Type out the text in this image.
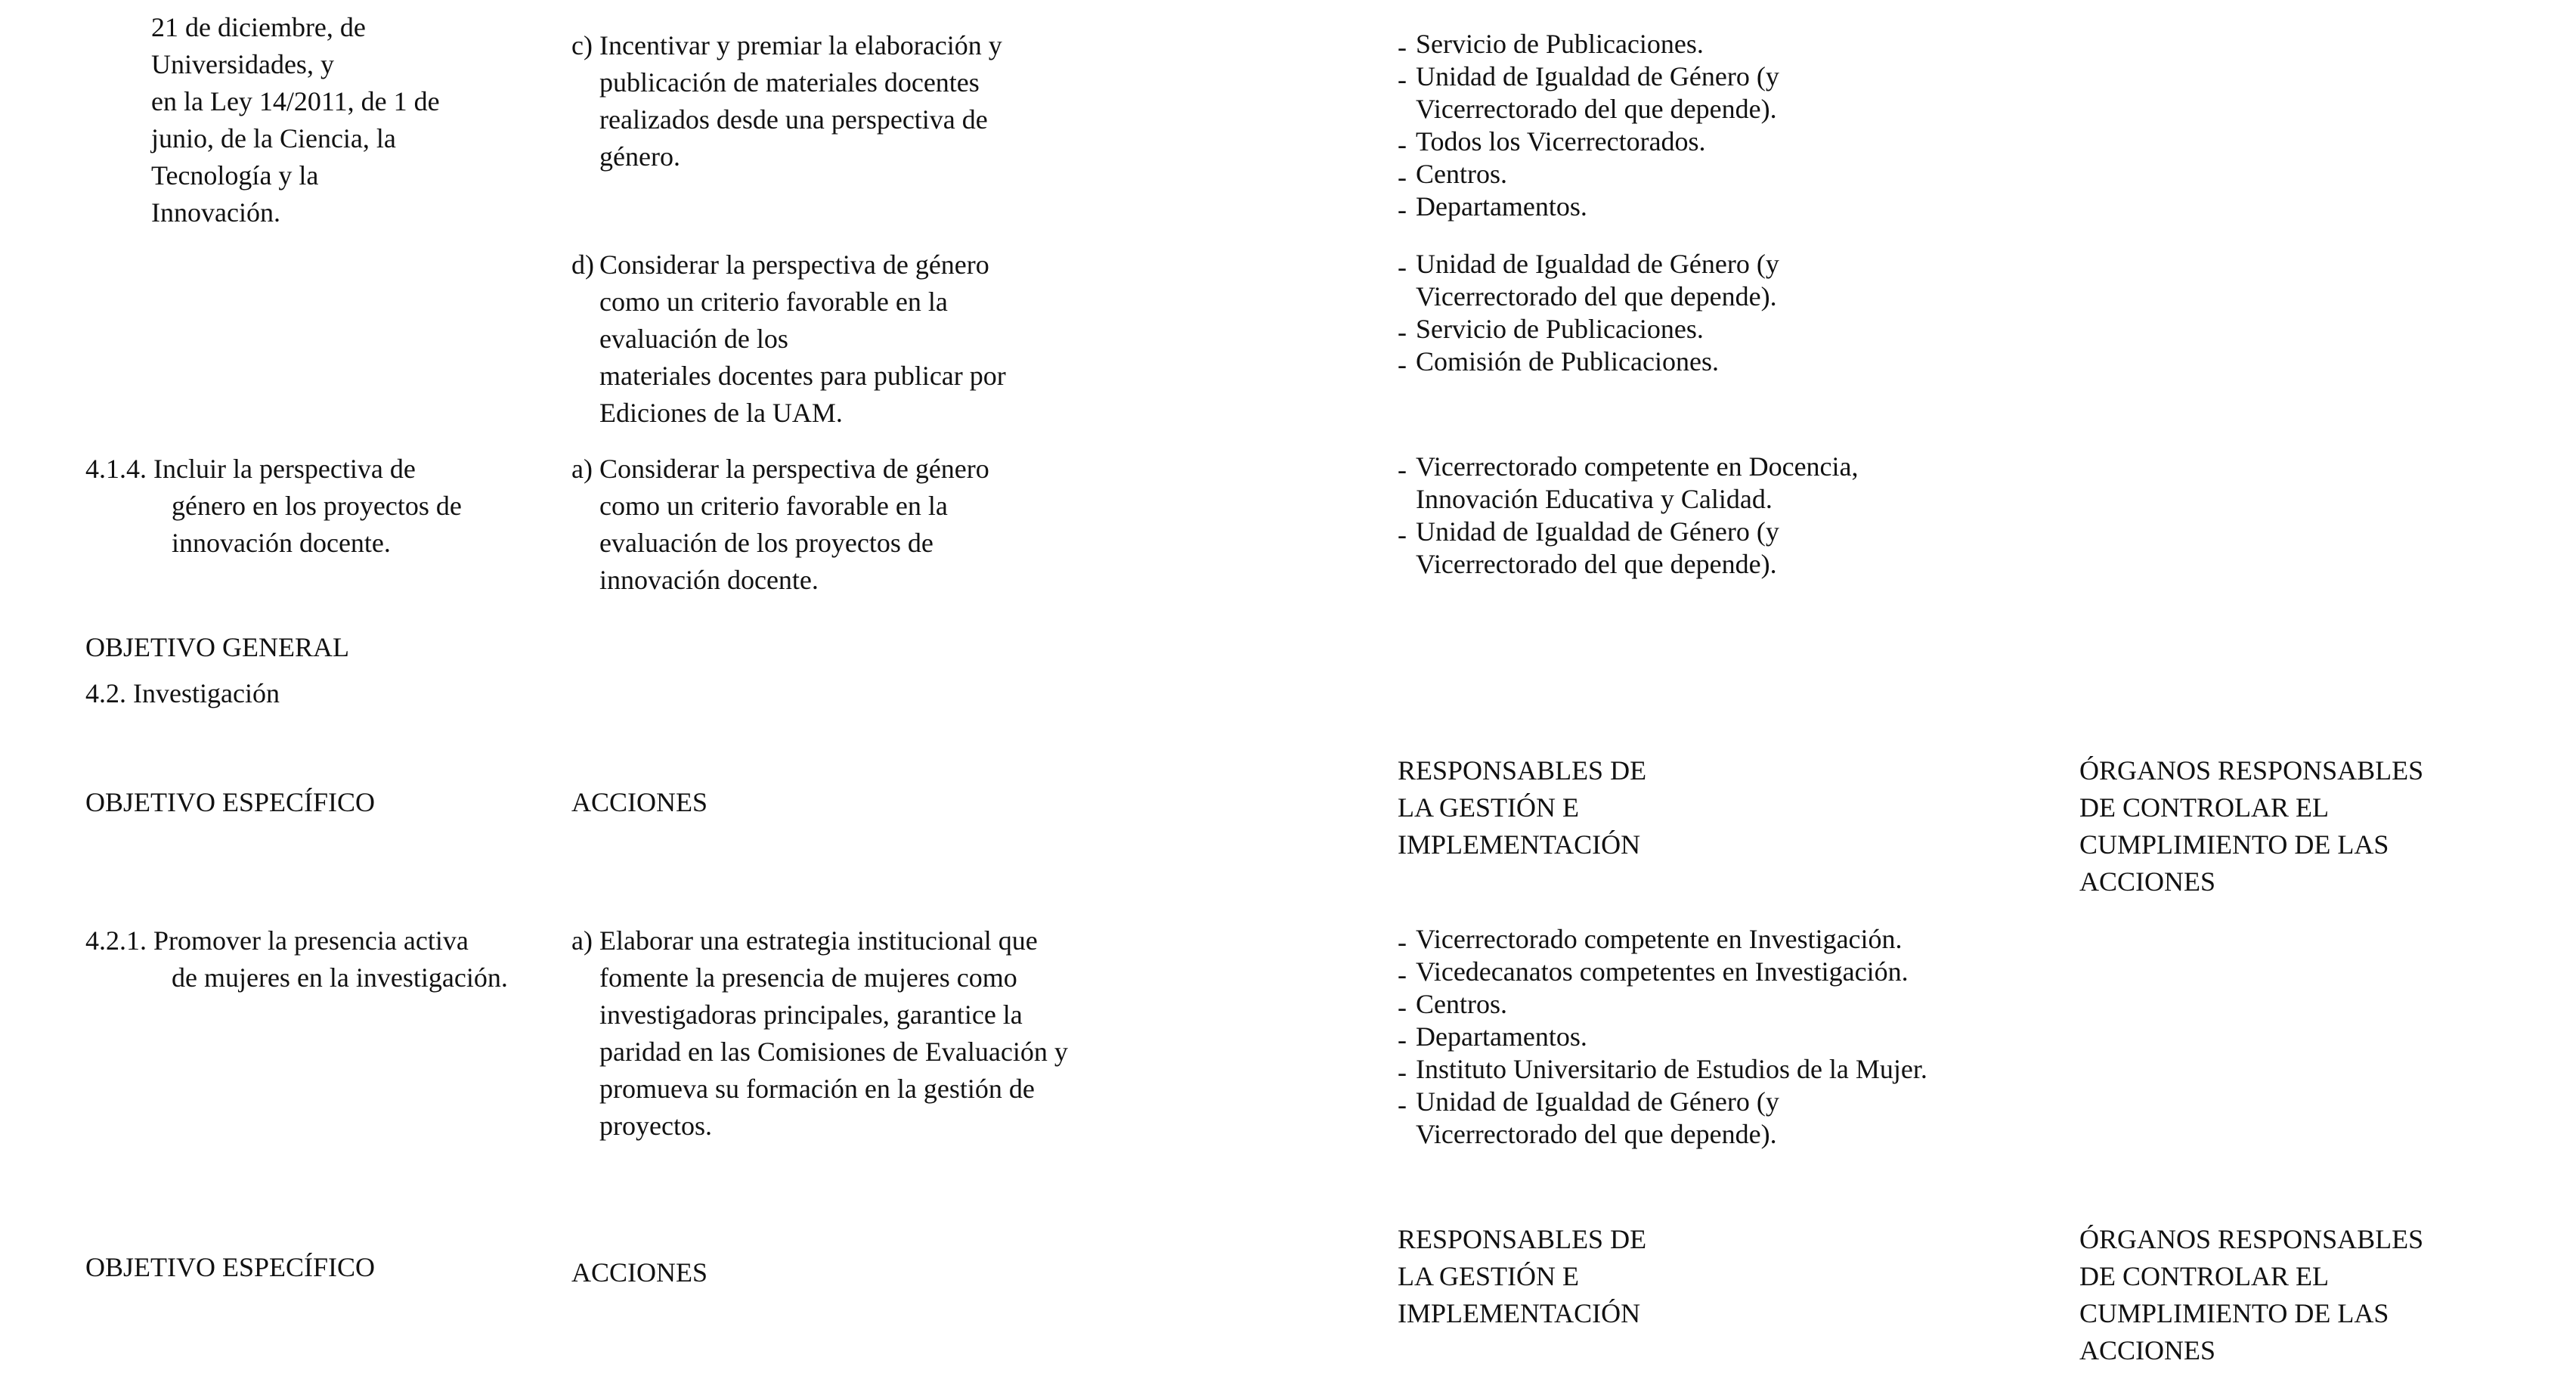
21 de diciembre, de
Universidades, y
en la Ley 14/2011, de 1 de
junio, de la Ciencia, la
Tecnología y la
Innovación.
c) Incentivar y premiar la elaboración y
publicación de materiales docentes
realizados desde una perspectiva de
género.
- Servicio de Publicaciones.
- Unidad de Igualdad de Género (y
Vicerrectorado del que depende).
- Todos los Vicerrectorados.
- Centros.
- Departamentos.
d) Considerar la perspectiva de género
como un criterio favorable en la
evaluación de los
materiales docentes para publicar por
Ediciones de la UAM.
- Unidad de Igualdad de Género (y
Vicerrectorado del que depende).
- Servicio de Publicaciones.
- Comisión de Publicaciones.
4.1.4. Incluir la perspectiva de
género en los proyectos de
innovación docente.
a) Considerar la perspectiva de género
como un criterio favorable en la
evaluación de los proyectos de
innovación docente.
- Vicerrectorado competente en Docencia,
Innovación Educativa y Calidad.
- Unidad de Igualdad de Género (y
Vicerrectorado del que depende).
OBJETIVO GENERAL
4.2. Investigación
OBJETIVO ESPECÍFICO	ACCIONES
RESPONSABLES DE
LA GESTIÓN E
IMPLEMENTACIÓN
ÓRGANOS RESPONSABLES
DE CONTROLAR EL
CUMPLIMIENTO DE LAS
ACCIONES
4.2.1. Promover la presencia activa
de mujeres en la investigación.
a) Elaborar una estrategia institucional que
fomente la presencia de mujeres como
investigadoras principales, garantice la
paridad en las Comisiones de Evaluación y
promueva su formación en la gestión de
proyectos.
- Vicerrectorado competente en Investigación.
- Vicedecanatos competentes en Investigación.
- Centros.
- Departamentos.
- Instituto Universitario de Estudios de la Mujer.
- Unidad de Igualdad de Género (y
Vicerrectorado del que depende).
OBJETIVO ESPECÍFICO	ACCIONES
RESPONSABLES DE
LA GESTIÓN E
IMPLEMENTACIÓN
ÓRGANOS RESPONSABLES
DE CONTROLAR EL
CUMPLIMIENTO DE LAS
ACCIONES
